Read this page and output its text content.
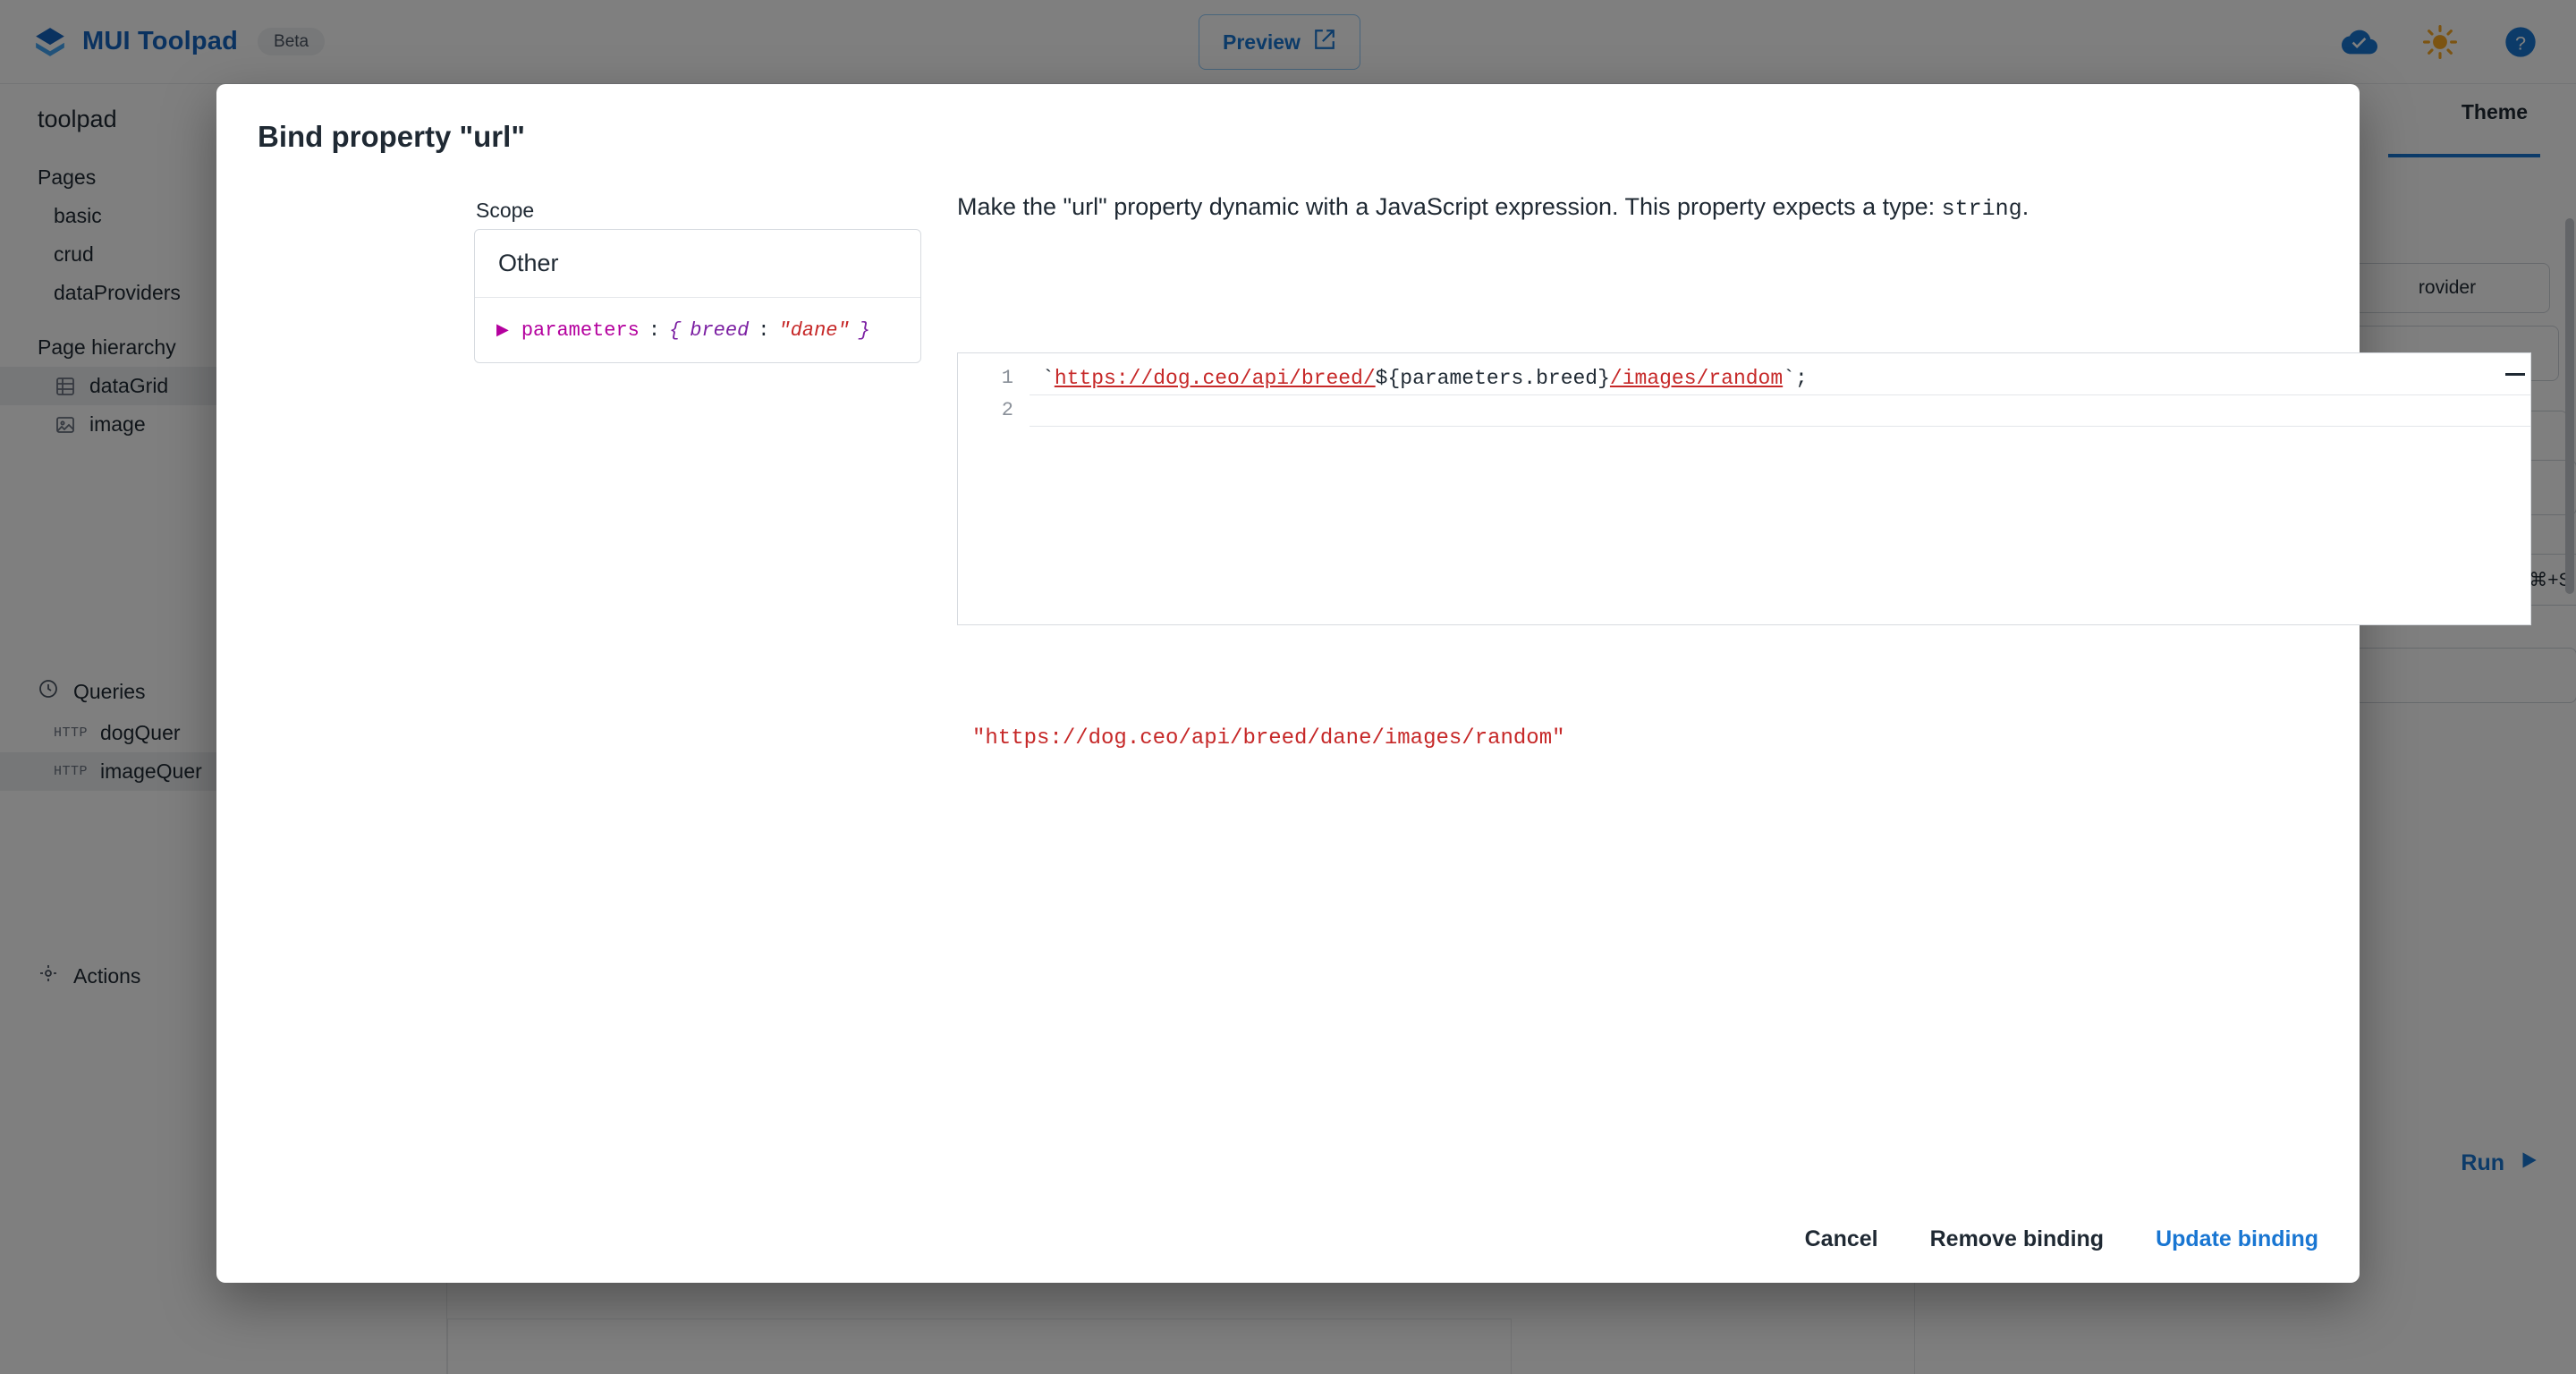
Bind property "url"
Scope
Other
▶ parameters : { breed : "dane" }
Make the "url" property dynamic with a JavaScript expression. This property expects a type: string.
1
2
`https://dog.ceo/api/breed/${parameters.breed}/images/random`;
"https://dog.ceo/api/breed/dane/images/random"
Cancel Remove binding Update binding
